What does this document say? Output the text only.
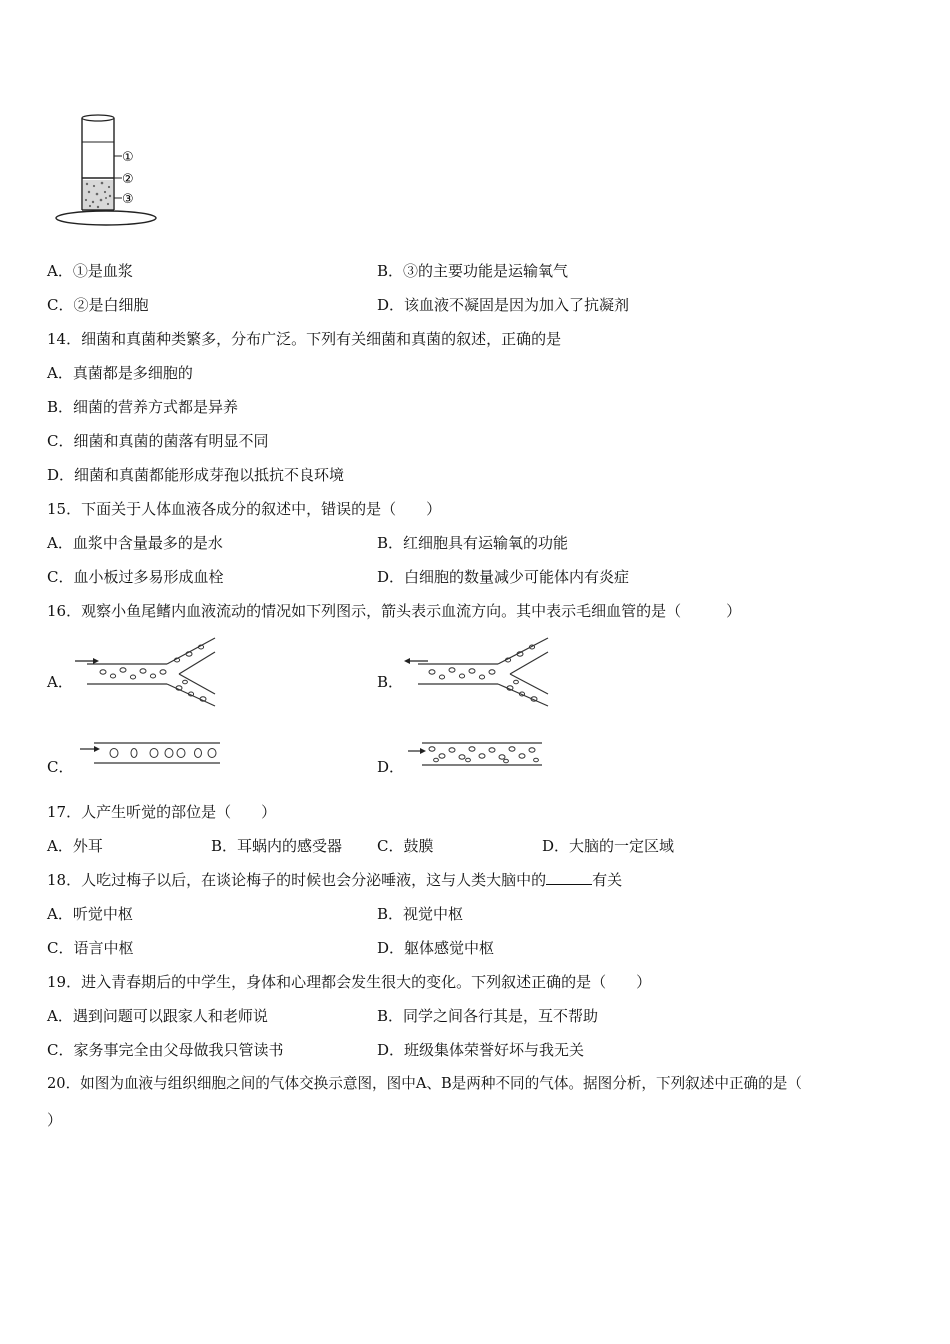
①
②
③
A．①是血浆	B．③的主要功能是运输氧气
C．②是白细胞	D．该血液不凝固是因为加入了抗凝剂
14．细菌和真菌种类繁多，分布广泛。下列有关细菌和真菌的叙述，正确的是
A．真菌都是多细胞的
B．细菌的营养方式都是异养
C．细菌和真菌的菌落有明显不同
D．细菌和真菌都能形成芽孢以抵抗不良环境
15．下面关于人体血液各成分的叙述中，错误的是（　　）
A．血浆中含量最多的是水	B．红细胞具有运输氧的功能
C．血小板过多易形成血栓	D．白细胞的数量减少可能体内有炎症
16．观察小鱼尾鳍内血液流动的情况如下列图示，箭头表示血流方向。其中表示毛细血管的是（　　　）
A．	B．
C．	D．
17．人产生听觉的部位是（　　）
A．外耳	B．耳蜗内的感受器 C．鼓膜	D．大脑的一定区域
18．人吃过梅子以后，在谈论梅子的时候也会分泌唾液，这与人类大脑中的	有关
A．听觉中枢	B．视觉中枢
C．语言中枢	D．躯体感觉中枢
19．进入青春期后的中学生，身体和心理都会发生很大的变化。下列叙述正确的是（　　）
A．遇到问题可以跟家人和老师说	B．同学之间各行其是，互不帮助
C．家务事完全由父母做我只管读书	D．班级集体荣誉好坏与我无关
20．如图为血液与组织细胞之间的气体交换示意图，图中A、B是两种不同的气体。据图分析，下列叙述中正确的是（
）
